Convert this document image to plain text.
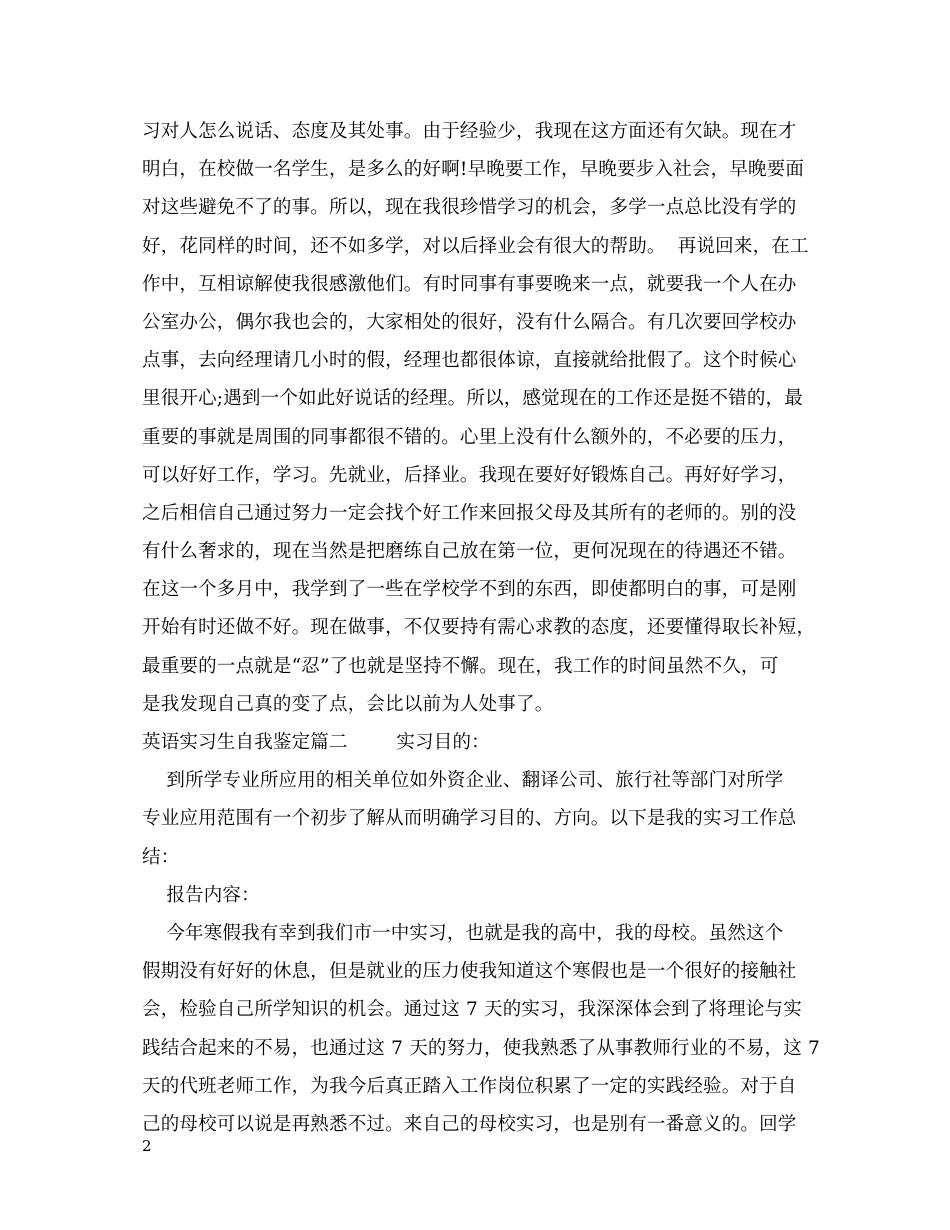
习对人怎么说话、态度及其处事。由于经验少，我现在这方面还有欠缺。现在才
明白，在校做一名学生，是多么的好啊!早晚要工作，早晚要步入社会，早晚要面
对这些避免不了的事。所以，现在我很珍惜学习的机会，多学一点总比没有学的
好，花同样的时间，还不如多学，对以后择业会有很大的帮助。  再说回来，在工
作中，互相谅解使我很感激他们。有时同事有事要晚来一点，就要我一个人在办
公室办公，偶尔我也会的，大家相处的很好，没有什么隔合。有几次要回学校办
点事，去向经理请几小时的假，经理也都很体谅，直接就给批假了。这个时候心
里很开心;遇到一个如此好说话的经理。所以，感觉现在的工作还是挺不错的，最
重要的事就是周围的同事都很不错的。心里上没有什么额外的，不必要的压力，
可以好好工作，学习。先就业，后择业。我现在要好好锻炼自己。再好好学习，
之后相信自己通过努力一定会找个好工作来回报父母及其所有的老师的。别的没
有什么奢求的，现在当然是把磨练自己放在第一位，更何况现在的待遇还不错。
在这一个多月中，我学到了一些在学校学不到的东西，即使都明白的事，可是刚
开始有时还做不好。现在做事，不仅要持有需心求教的态度，还要懂得取长补短，
最重要的一点就是“忍”了也就是坚持不懈。现在，我工作的时间虽然不久，可
是我发现自己真的变了点，会比以前为人处事了。
英语实习生自我鉴定篇二        实习目的：
到所学专业所应用的相关单位如外资企业、翻译公司、旅行社等部门对所学
专业应用范围有一个初步了解从而明确学习目的、方向。以下是我的实习工作总
结：
报告内容：
今年寒假我有幸到我们市一中实习，也就是我的高中，我的母校。虽然这个
假期没有好好的休息，但是就业的压力使我知道这个寒假也是一个很好的接触社
会，检验自己所学知识的机会。通过这 7 天的实习，我深深体会到了将理论与实
践结合起来的不易，也通过这 7 天的努力，使我熟悉了从事教师行业的不易，这 7
天的代班老师工作，为我今后真正踏入工作岗位积累了一定的实践经验。对于自
己的母校可以说是再熟悉不过。来自己的母校实习，也是别有一番意义的。回学
2
